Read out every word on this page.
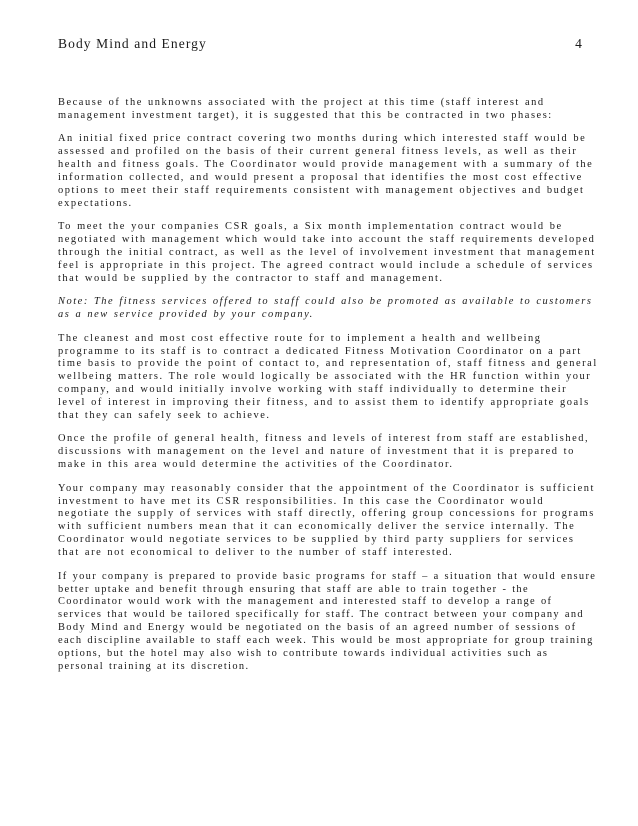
Body Mind and Energy	4

Because of the unknowns associated with the project at this time (staff interest and management investment target), it is suggested that this be contracted in two phases:

An initial fixed price contract covering two months during which interested staff would be assessed and profiled on the basis of their current general fitness levels, as well as their health and fitness goals. The Coordinator would provide management with a summary of the information collected, and would present a proposal that identifies the most cost effective options to meet their staff requirements consistent with management objectives and budget expectations.

To meet the your companies CSR goals, a Six month implementation contract would be negotiated with management which would take into account the staff requirements developed through the initial contract, as well as the level of involvement investment that management feel is appropriate in this project. The agreed contract would include a schedule of services that would be supplied by the contractor to staff and management.

Note: The fitness services offered to staff could also be promoted as available to customers as a new service provided by your company.

The cleanest and most cost effective route for to implement a health and wellbeing programme to its staff is to contract a dedicated Fitness Motivation Coordinator on a part time basis to provide the point of contact to, and representation of, staff fitness and general wellbeing matters. The role would logically be associated with the HR function within your company, and would initially involve working with staff individually to determine their level of interest in improving their fitness, and to assist them to identify appropriate goals that they can safely seek to achieve.

Once the profile of general health, fitness and levels of interest from staff are established, discussions with management on the level and nature of investment that it is prepared to make in this area would determine the activities of the Coordinator.

Your company may reasonably consider that the appointment of the Coordinator is sufficient investment to have met its CSR responsibilities. In this case the Coordinator would negotiate the supply of services with staff directly, offering group concessions for programs with sufficient numbers mean that it can economically deliver the service internally. The Coordinator would negotiate services to be supplied by third party suppliers for services that are not economical to deliver to the number of staff interested.

If your company is prepared to provide basic programs for staff – a situation that would ensure better uptake and benefit through ensuring that staff are able to train together - the Coordinator would work with the management and interested staff to develop a range of services that would be tailored specifically for staff. The contract between your company and Body Mind and Energy would be negotiated on the basis of an agreed number of sessions of each discipline available to staff each week. This would be most appropriate for group training options, but the hotel may also wish to contribute towards individual activities such as personal training at its discretion.
